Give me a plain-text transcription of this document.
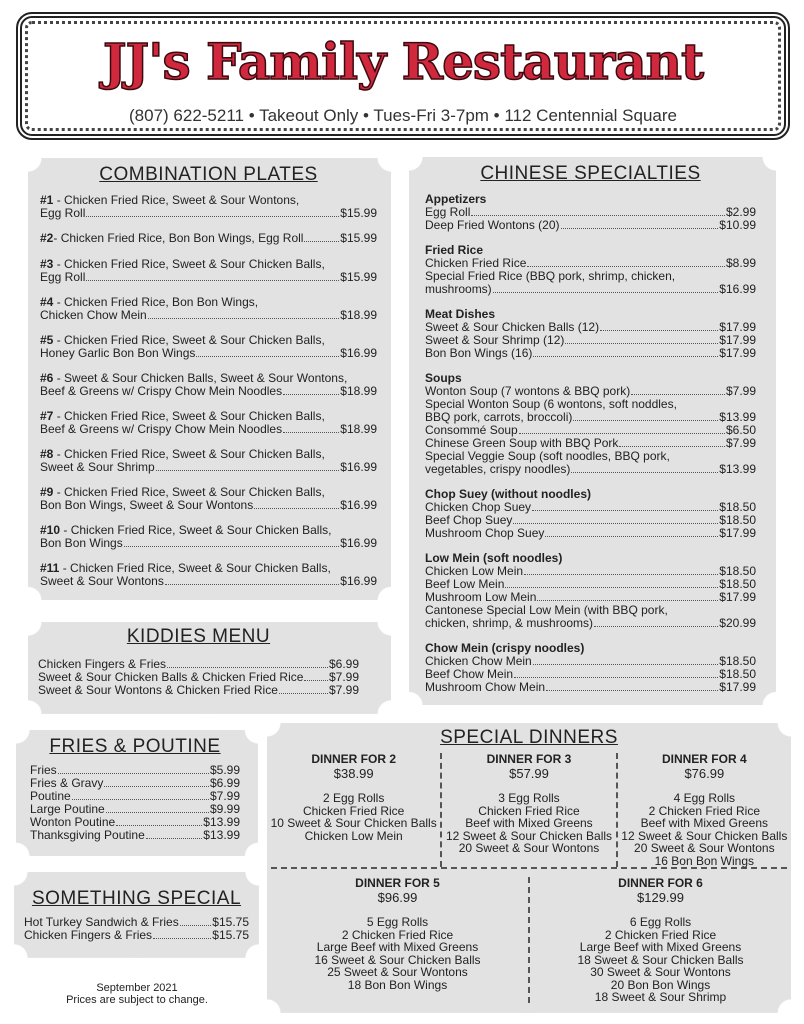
JJ's Family Restaurant
(807) 622-5211 • Takeout Only • Tues-Fri 3-7pm • 112 Centennial Square
COMBINATION PLATES
#1 - Chicken Fried Rice, Sweet & Sour Wontons,
Egg Roll	$15.99
#2 - Chicken Fried Rice, Bon Bon Wings, Egg Roll	$15.99
#3 - Chicken Fried Rice, Sweet & Sour Chicken Balls,
Egg Roll	$15.99
#4 - Chicken Fried Rice, Bon Bon Wings,
Chicken Chow Mein	$18.99
#5 - Chicken Fried Rice, Sweet & Sour Chicken Balls,
Honey Garlic Bon Bon Wings	$16.99
#6 - Sweet & Sour Chicken Balls, Sweet & Sour Wontons,
Beef & Greens w/ Crispy Chow Mein Noodles	$18.99
#7 - Chicken Fried Rice, Sweet & Sour Chicken Balls,
Beef & Greens w/ Crispy Chow Mein Noodles	$18.99
#8 - Chicken Fried Rice, Sweet & Sour Chicken Balls,
Sweet & Sour Shrimp	$16.99
#9 - Chicken Fried Rice, Sweet & Sour Chicken Balls,
Bon Bon Wings, Sweet & Sour Wontons	$16.99
#10 - Chicken Fried Rice, Sweet & Sour Chicken Balls,
Bon Bon Wings	$16.99
#11 - Chicken Fried Rice, Sweet & Sour Chicken Balls,
Sweet & Sour Wontons	$16.99
CHINESE SPECIALTIES
Appetizers
Egg Roll	$2.99
Deep Fried Wontons (20)	$10.99
Fried Rice
Chicken Fried Rice	$8.99
Special Fried Rice (BBQ pork, shrimp, chicken,
mushrooms)	$16.99
Meat Dishes
Sweet & Sour Chicken Balls (12)	$17.99
Sweet & Sour Shrimp (12)	$17.99
Bon Bon Wings (16)	$17.99
Soups
Wonton Soup (7 wontons & BBQ pork)	$7.99
Special Wonton Soup (6 wontons, soft noddles,
BBQ pork, carrots, broccoli)	$13.99
Consommé Soup	$6.50
Chinese Green Soup with BBQ Pork	$7.99
Special Veggie Soup (soft noodles, BBQ pork,
vegetables, crispy noodles)	$13.99
Chop Suey (without noodles)
Chicken Chop Suey	$18.50
Beef Chop Suey	$18.50
Mushroom Chop Suey	$17.99
Low Mein (soft noodles)
Chicken Low Mein	$18.50
Beef Low Mein	$18.50
Mushroom Low Mein	$17.99
Cantonese Special Low Mein (with BBQ pork,
chicken, shrimp, & mushrooms)	$20.99
Chow Mein (crispy noodles)
Chicken Chow Mein	$18.50
Beef Chow Mein	$18.50
Mushroom Chow Mein	$17.99
KIDDIES MENU
Chicken Fingers & Fries	$6.99
Sweet & Sour Chicken Balls & Chicken Fried Rice $7.99
Sweet & Sour Wontons & Chicken Fried Rice	$7.99
FRIES & POUTINE
Fries	$5.99
Fries & Gravy	$6.99
Poutine	$7.99
Large Poutine	$9.99
Wonton Poutine	$13.99
Thanksgiving Poutine	$13.99
SOMETHING SPECIAL
Hot Turkey Sandwich & Fries	$15.75
Chicken Fingers & Fries	$15.75
September 2021
Prices are subject to change.
SPECIAL DINNERS
DINNER FOR 2
$38.99
2 Egg Rolls
Chicken Fried Rice
10 Sweet & Sour Chicken Balls
Chicken Low Mein
DINNER FOR 3
$57.99
3 Egg Rolls
Chicken Fried Rice
Beef with Mixed Greens
12 Sweet & Sour Chicken Balls
20 Sweet & Sour Wontons
DINNER FOR 4
$76.99
4 Egg Rolls
2 Chicken Fried Rice
Beef with Mixed Greens
12 Sweet & Sour Chicken Balls
20 Sweet & Sour Wontons
16 Bon Bon Wings
DINNER FOR 5
$96.99
5 Egg Rolls
2 Chicken Fried Rice
Large Beef with Mixed Greens
16 Sweet & Sour Chicken Balls
25 Sweet & Sour Wontons
18 Bon Bon Wings
DINNER FOR 6
$129.99
6 Egg Rolls
2 Chicken Fried Rice
Large Beef with Mixed Greens
18 Sweet & Sour Chicken Balls
30 Sweet & Sour Wontons
20 Bon Bon Wings
18 Sweet & Sour Shrimp
